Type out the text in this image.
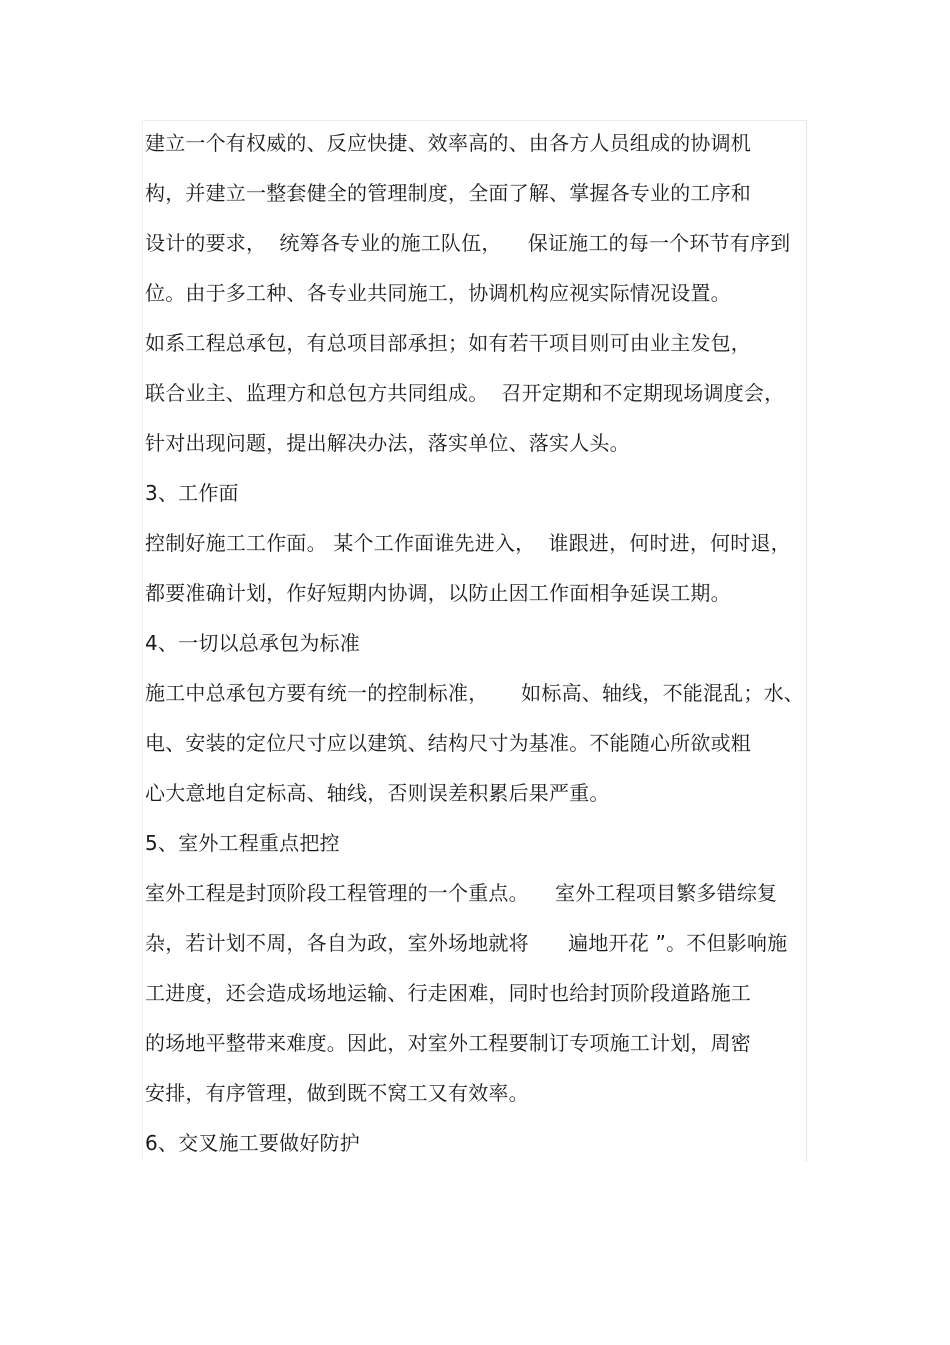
建立一个有权威的、反应快捷、效率高的、由各方人员组成的协调机
构，并建立一整套健全的管理制度，全面了解、掌握各专业的工序和
设计的要求，  统筹各专业的施工队伍，    保证施工的每一个环节有序到
位。由于多工种、各专业共同施工，协调机构应视实际情况设置。
如系工程总承包，有总项目部承担；如有若干项目则可由业主发包，
联合业主、监理方和总包方共同组成。  召开定期和不定期现场调度会，
针对出现问题，提出解决办法，落实单位、落实人头。
3、工作面
控制好施工工作面。 某个工作面谁先进入，  谁跟进，何时进，何时退，
都要准确计划，作好短期内协调，以防止因工作面相争延误工期。
4、一切以总承包为标准
施工中总承包方要有统一的控制标准，     如标高、轴线，不能混乱；水、
电、安装的定位尺寸应以建筑、结构尺寸为基准。不能随心所欲或粗
心大意地自定标高、轴线，否则误差积累后果严重。
5、室外工程重点把控
室外工程是封顶阶段工程管理的一个重点。    室外工程项目繁多错综复
杂，若计划不周，各自为政，室外场地就将      遍地开花 ”。不但影响施
工进度，还会造成场地运输、行走困难，同时也给封顶阶段道路施工
的场地平整带来难度。因此，对室外工程要制订专项施工计划，周密
安排，有序管理，做到既不窝工又有效率。
6、交叉施工要做好防护
